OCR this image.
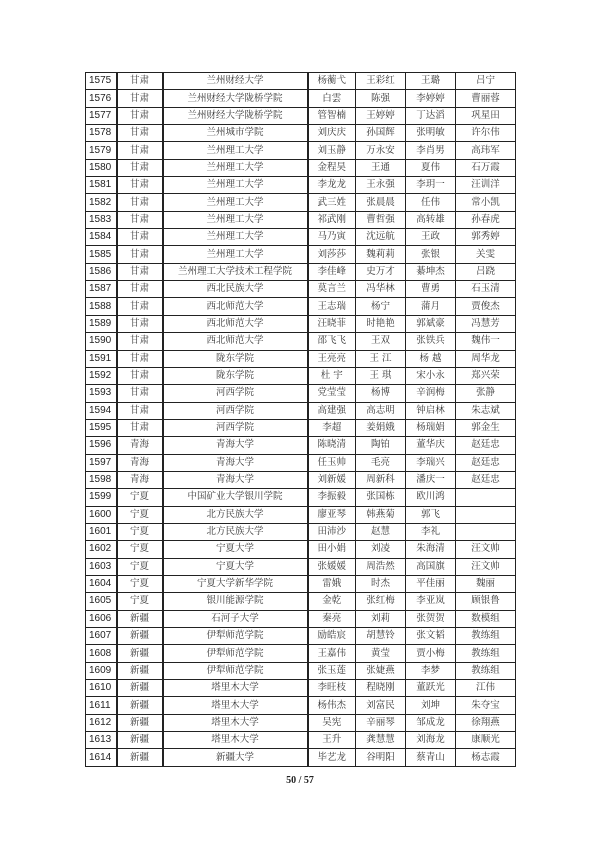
1575	甘肃	兰州财经大学	杨蘅弋	王彩红	王璐	吕宁
1576	甘肃	兰州财经大学陇桥学院	白雲	陈强	李婷婷	曹丽蓉
1577	甘肃	兰州财经大学陇桥学院	管智楠	王婷婷	丁达滔	巩星田
1578	甘肃	兰州城市学院	刘庆庆	孙国辉	张明敏	许尔伟
1579	甘肃	兰州理工大学	刘玉静	万永安	李肖男	高玮军
1580	甘肃	兰州理工大学	金程昊	王通	夏伟	石万霞
1581	甘肃	兰州理工大学	李龙龙	王永强	李玥一	汪训洋
1582	甘肃	兰州理工大学	武三姓	张晨晨	任伟	常小凯
1583	甘肃	兰州理工大学	祁武刚	曹哲强	高转雄	孙春虎
1584	甘肃	兰州理工大学	马乃寅	沈远航	王政	郭秀婷
1585	甘肃	兰州理工大学	刘莎莎	魏莉莉	张银	关雯
1586	甘肃	兰州理工大学技术工程学院	李佳峰	史万才	綦坤杰	吕跷
1587	甘肃	西北民族大学	莫言兰	冯华林	曹勇	石玉清
1588	甘肃	西北师范大学	王志瑞	杨宁	蒲月	贾俊杰
1589	甘肃	西北师范大学	汪晓菲	时艳艳	郭斌豪	冯慧芳
1590	甘肃	西北师范大学	邵飞飞	王双	张铁兵	魏伟一
1591	甘肃	陇东学院	王亮亮	王 江	杨 越	周华龙
1592	甘肃	陇东学院	杜 宇	王 琪	宋小永	郑兴荣
1593	甘肃	河西学院	党莹莹	杨博	辛润梅	张静
1594	甘肃	河西学院	高建强	高志明	钟启林	朱志斌
1595	甘肃	河西学院	李超	姜娟娥	杨瑞娟	郭金生
1596	青海	青海大学	陈晓清	陶铂	董华庆	赵廷忠
1597	青海	青海大学	任玉帅	毛亮	李瑞兴	赵廷忠
1598	青海	青海大学	刘新媛	周新科	潘庆一	赵廷忠
1599	宁夏	中国矿业大学银川学院	李振毅	张国栋	欧川鸿	
1600	宁夏	北方民族大学	廖亚琴	韩燕菊	郭飞	
1601	宁夏	北方民族大学	田沛沙	赵慧	李礼	
1602	宁夏	宁夏大学	田小娟	刘凌	朱海清	汪文帅
1603	宁夏	宁夏大学	张媛媛	周浩然	高国旗	汪文帅
1604	宁夏	宁夏大学新华学院	雷娥	时杰	平佳丽	魏丽
1605	宁夏	银川能源学院	金乾	张红梅	李亚岚	顾银鲁
1606	新疆	石河子大学	秦亮	刘莉	张贺贺	数模组
1607	新疆	伊犁师范学院	励皓宸	胡慧铃	张文韬	教练组
1608	新疆	伊犁师范学院	王嘉伟	黄莹	贾小梅	教练组
1609	新疆	伊犁师范学院	张玉莲	张婕燕	李梦	教练组
1610	新疆	塔里木大学	李旺枝	程晓刚	董跃光	江伟
1611	新疆	塔里木大学	杨伟杰	刘富民	刘坤	朱夺宝
1612	新疆	塔里木大学	吴宪	辛丽琴	邹成龙	徐翔燕
1613	新疆	塔里木大学	王升	龚慧慧	刘海龙	康顺光
1614	新疆	新疆大学	毕艺龙	谷明阳	蔡青山	杨志霞
50 / 57
